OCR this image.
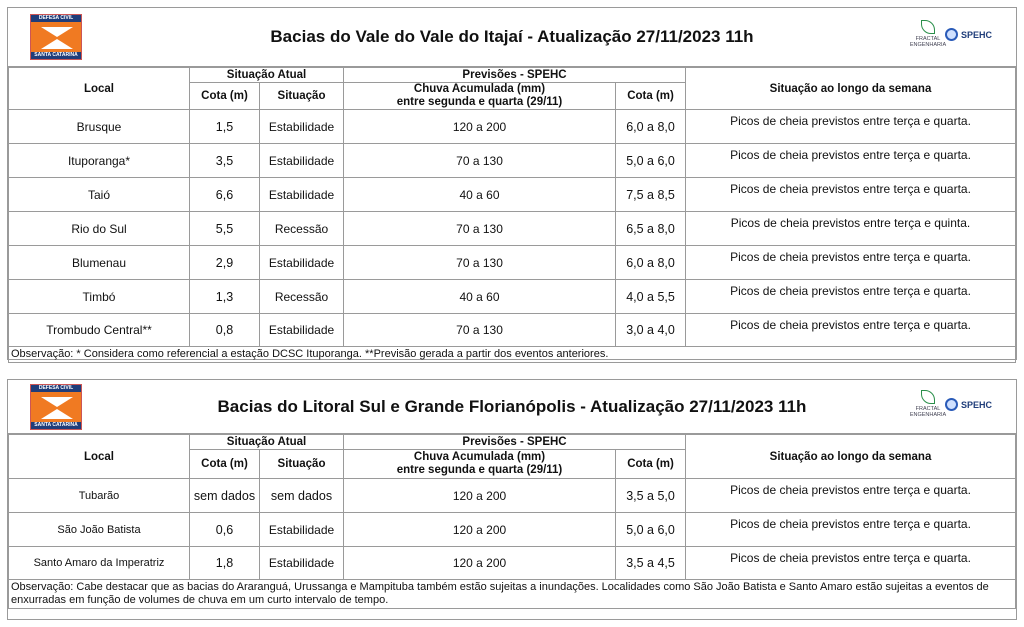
DEFESA CIVIL
SANTA CATARINA
Bacias do Vale do Vale do Itajaí - Atualização 27/11/2023 11h	FRACTAL
ENGENHARIA
SPEHC
Local	Situação Atual		Previsões - SPEHC		Situação ao longo da semana
	Cota (m)	Situação	Chuva Acumulada (mm)
entre segunda e quarta (29/11)	Cota (m)	
Brusque	1,5	Estabilidade	120 a 200	6,0 a 8,0	Picos de cheia previstos entre terça e quarta.
Ituporanga*	3,5	Estabilidade	70 a 130	5,0 a 6,0	Picos de cheia previstos entre terça e quarta.
Taió	6,6	Estabilidade	40 a 60	7,5 a 8,5	Picos de cheia previstos entre terça e quarta.
Rio do Sul	5,5	Recessão	70 a 130	6,5 a 8,0	Picos de cheia previstos entre terça e quinta.
Blumenau	2,9	Estabilidade	70 a 130	6,0 a 8,0	Picos de cheia previstos entre terça e quarta.
Timbó	1,3	Recessão	40 a 60	4,0 a 5,5	Picos de cheia previstos entre terça e quarta.
Trombudo Central**	0,8	Estabilidade	70 a 130	3,0 a 4,0	Picos de cheia previstos entre terça e quarta.
Observação: * Considera como referencial a estação DCSC Ituporanga. **Previsão gerada a partir dos eventos anteriores.					
DEFESA CIVIL
SANTA CATARINA
Bacias do Litoral Sul e Grande Florianópolis - Atualização 27/11/2023 11h	FRACTAL
ENGENHARIA
SPEHC
Local	Situação Atual		Previsões - SPEHC		Situação ao longo da semana
	Cota (m)	Situação	Chuva Acumulada (mm)
entre segunda e quarta (29/11)	Cota (m)	
Tubarão	sem dados	sem dados	120 a 200	3,5 a 5,0	Picos de cheia previstos entre terça e quarta.
São João Batista	0,6	Estabilidade	120 a 200	5,0 a 6,0	Picos de cheia previstos entre terça e quarta.
Santo Amaro da Imperatriz	1,8	Estabilidade	120 a 200	3,5 a 4,5	Picos de cheia previstos entre terça e quarta.
Observação: Cabe destacar que as bacias do Araranguá, Urussanga e Mampituba também estão sujeitas a inundações. Localidades como São João Batista e Santo Amaro estão sujeitas a eventos de enxurradas em função de volumes de chuva em um curto intervalo de tempo.					
